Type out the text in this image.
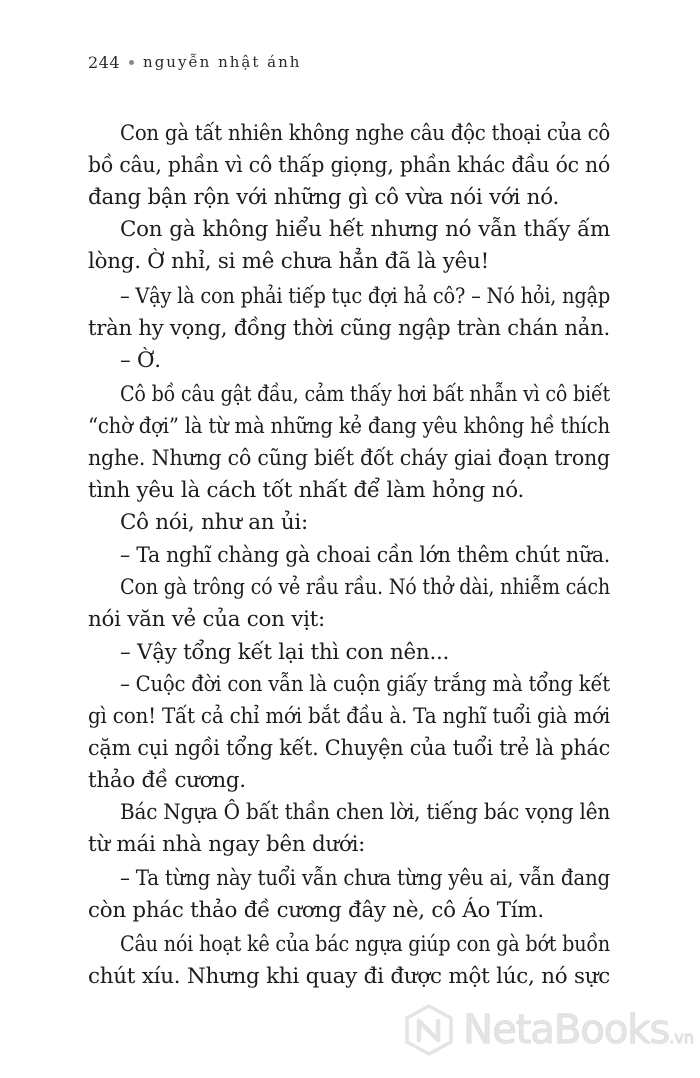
244 nguyễn nhật ánh
Con gà tất nhiên không nghe câu độc thoại của cô
bồ câu, phần vì cô thấp giọng, phần khác đầu óc nó
đang bận rộn với những gì cô vừa nói với nó.
Con gà không hiểu hết nhưng nó vẫn thấy ấm
lòng. Ờ nhỉ, si mê chưa hẳn đã là yêu!
– Vậy là con phải tiếp tục đợi hả cô? – Nó hỏi, ngập
tràn hy vọng, đồng thời cũng ngập tràn chán nản.
– Ờ.
Cô bồ câu gật đầu, cảm thấy hơi bất nhẫn vì cô biết
“chờ đợi” là từ mà những kẻ đang yêu không hề thích
nghe. Nhưng cô cũng biết đốt cháy giai đoạn trong
tình yêu là cách tốt nhất để làm hỏng nó.
Cô nói, như an ủi:
– Ta nghĩ chàng gà choai cần lớn thêm chút nữa.
Con gà trông có vẻ rầu rầu. Nó thở dài, nhiễm cách
nói văn vẻ của con vịt:
– Vậy tổng kết lại thì con nên...
– Cuộc đời con vẫn là cuộn giấy trắng mà tổng kết
gì con! Tất cả chỉ mới bắt đầu à. Ta nghĩ tuổi già mới
cặm cụi ngồi tổng kết. Chuyện của tuổi trẻ là phác
thảo đề cương.
Bác Ngựa Ô bất thần chen lời, tiếng bác vọng lên
từ mái nhà ngay bên dưới:
– Ta từng này tuổi vẫn chưa từng yêu ai, vẫn đang
còn phác thảo đề cương đây nè, cô Áo Tím.
Câu nói hoạt kê của bác ngựa giúp con gà bớt buồn
chút xíu. Nhưng khi quay đi được một lúc, nó sực
NetaBooks.vn
